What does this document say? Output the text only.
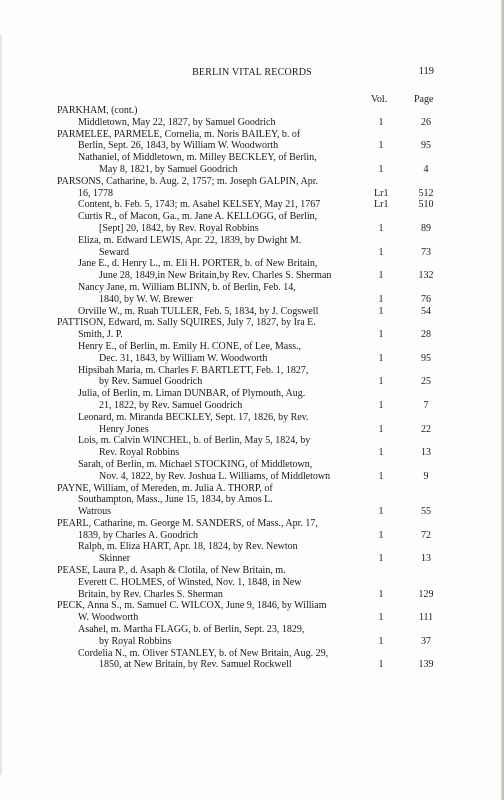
BERLIN VITAL RECORDS	119
Vol.	Page
PARKHAM, (cont.)
Middletown, May 22, 1827, by Samuel Goodrich	1	26
PARMELEE, PARMELE, Cornelia, m. Noris BAILEY, b. of
Berlin, Sept. 26, 1843, by William W. Woodworth	1	95
Nathaniel, of Middletown, m. Milley BECKLEY, of Berlin,
May 8, 1821, by Samuel Goodrich	1	4
PARSONS, Catharine, b. Aug. 2, 1757; m. Joseph GALPIN, Apr.
16, 1778	Lr1	512
Content, b. Feb. 5, 1743; m. Asahel KELSEY, May 21, 1767	Lr1	510
Curtis R., of Macon, Ga., m. Jane A. KELLOGG, of Berlin,
[Sept] 20, 1842, by Rev. Royal Robbins	1	89
Eliza, m. Edward LEWIS, Apr. 22, 1839, by Dwight M.
Seward	1	73
Jane E., d. Henry L., m. Eli H. PORTER, b. of New Britain,
June 28, 1849,in New Britain,by Rev. Charles S. Sherman	1	132
Nancy Jane, m. William BLINN, b. of Berlin, Feb. 14,
1840, by W. W. Brewer	1	76
Orville W., m. Ruah TULLER, Feb. 5, 1834, by J. Cogswell	1	54
PATTISON, Edward, m. Sally SQUIRES, July 7, 1827, by Ira E.
Smith, J. P.	1	28
Henry E., of Berlin, m. Emily H. CONE, of Lee, Mass.,
Dec. 31, 1843, by William W. Woodworth	1	95
Hipsibah Maria, m. Charles F. BARTLETT, Feb. 1, 1827,
by Rev. Samuel Goodrich	1	25
Julia, of Berlin, m. Liman DUNBAR, of Plymouth, Aug.
21, 1822, by Rev. Samuel Goodrich	1	7
Leonard, m. Miranda BECKLEY, Sept. 17, 1826, by Rev.
Henry Jones	1	22
Lois, m. Calvin WINCHEL, b. of Berlin, May 5, 1824, by
Rev. Royal Robbins	1	13
Sarah, of Berlin, m. Michael STOCKING, of Middletown,
Nov. 4, 1822, by Rev. Joshua L. Williams, of Middletown	1	9
PAYNE, William, of Mereden, m. Julia A. THORP, of
Southampton, Mass., June 15, 1834, by Amos L.
Watrous	1	55
PEARL, Catharine, m. George M. SANDERS, of Mass., Apr. 17,
1839, by Charles A. Goodrich	1	72
Ralph, m. Eliza HART, Apr. 18, 1824, by Rev. Newton
Skinner	1	13
PEASE, Laura P., d. Asaph & Clotila, of New Britain, m.
Everett C. HOLMES, of Winsted, Nov. 1, 1848, in New
Britain, by Rev. Charles S. Sherman	1	129
PECK, Anna S., m. Samuel C. WILCOX, June 9, 1846, by William
W. Woodworth	1	111
Asahel, m. Martha FLAGG, b. of Berlin, Sept. 23, 1829,
by Royal Robbins	1	37
Cordelia N., m. Oliver STANLEY, b. of New Britain, Aug. 29,
1850, at New Britain, by Rev. Samuel Rockwell	1	139
